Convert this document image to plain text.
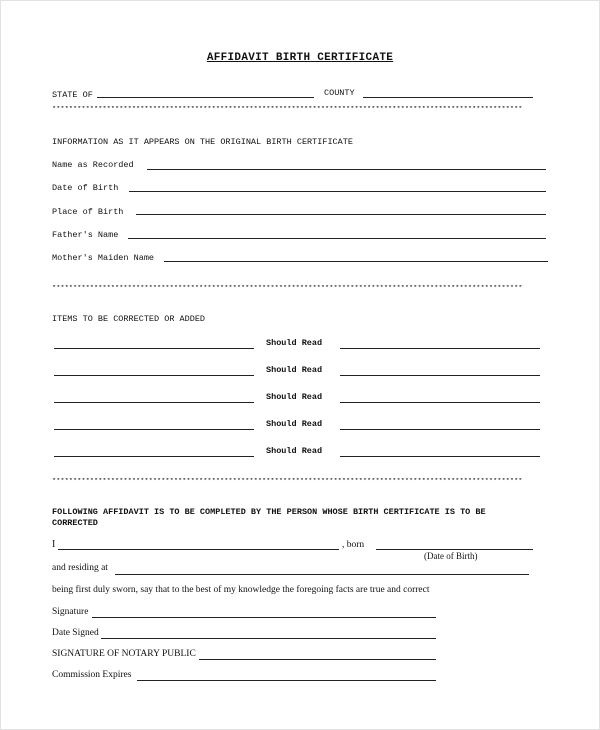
AFFIDAVIT BIRTH CERTIFICATE
STATE OF	COUNTY
****************************************************************************************************************
INFORMATION AS IT APPEARS ON THE ORIGINAL BIRTH CERTIFICATE
Name as Recorded
Date of Birth
Place of Birth
Father's Name
Mother's Maiden Name
****************************************************************************************************************
ITEMS TO BE CORRECTED OR ADDED
Should Read
Should Read
Should Read
Should Read
Should Read
****************************************************************************************************************
FOLLOWING AFFIDAVIT IS TO BE COMPLETED BY THE PERSON WHOSE BIRTH CERTIFICATE IS TO BE CORRECTED
I	, born
(Date of Birth)
and residing at
being first duly sworn, say that to the best of my knowledge the foregoing facts are true and correct
Signature
Date Signed
SIGNATURE OF NOTARY PUBLIC
Commission Expires
